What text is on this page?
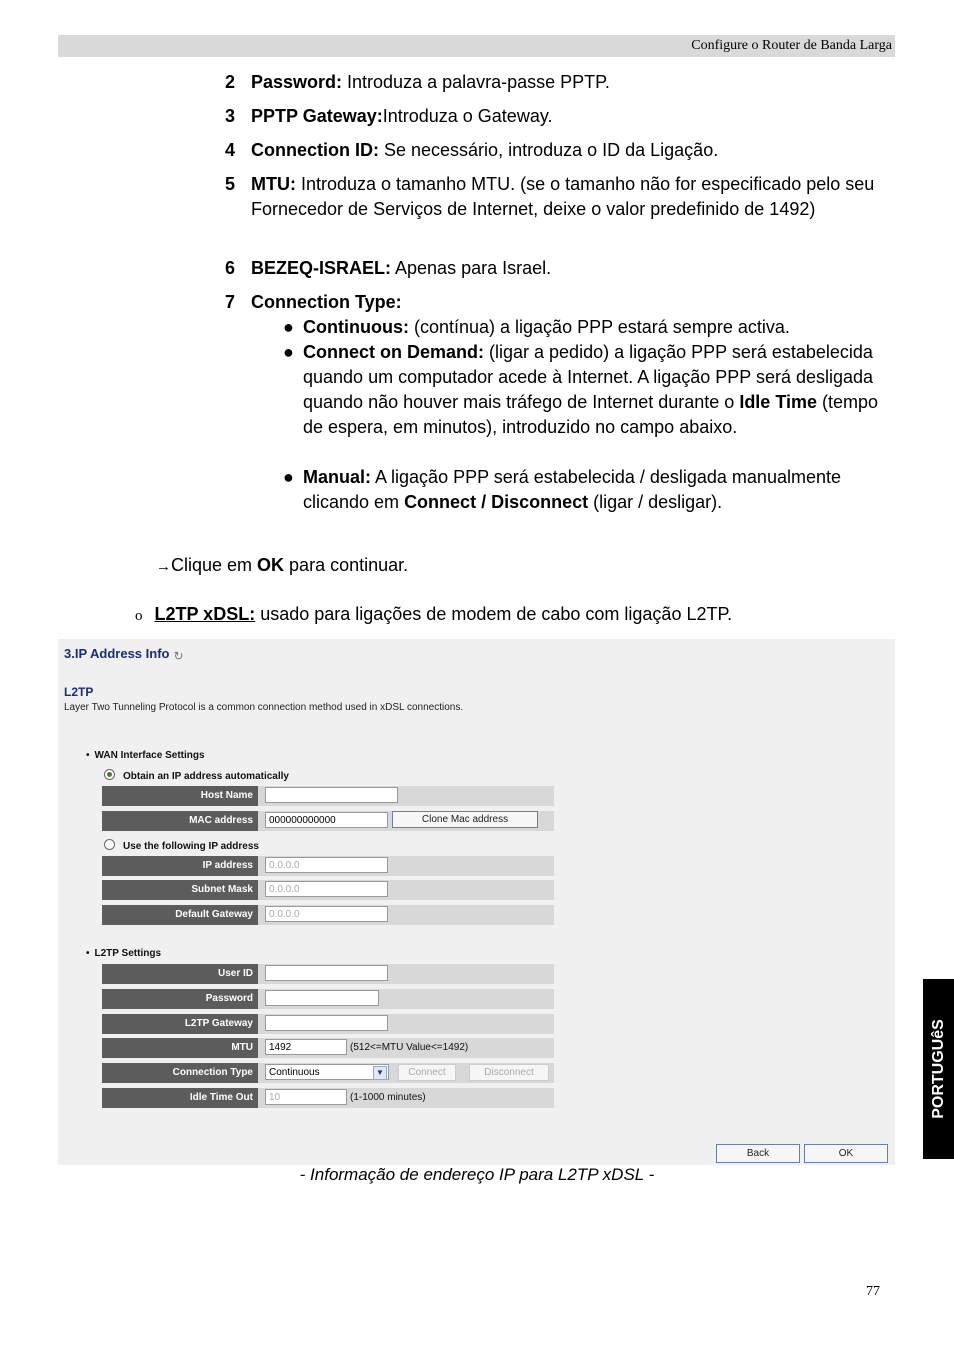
Configure o Router de Banda Larga
2 Password: Introduza a palavra-passe PPTP.
3 PPTP Gateway:Introduza o Gateway.
4 Connection ID: Se necessário, introduza o ID da Ligação.
5 MTU: Introduza o tamanho MTU. (se o tamanho não for especificado pelo seu Fornecedor de Serviços de Internet, deixe o valor predefinido de 1492)
6 BEZEQ-ISRAEL: Apenas para Israel.
7 Connection Type:
● Continuous: (contínua) a ligação PPP estará sempre activa.
● Connect on Demand: (ligar a pedido) a ligação PPP será estabelecida quando um computador acede à Internet. A ligação PPP será desligada quando não houver mais tráfego de Internet durante o Idle Time (tempo de espera, em minutos), introduzido no campo abaixo.
● Manual: A ligação PPP será estabelecida / desligada manualmente clicando em Connect / Disconnect (ligar / desligar).
→Clique em OK para continuar.
o L2TP xDSL: usado para ligações de modem de cabo com ligação L2TP.
3.IP Address Info ↻
L2TP
Layer Two Tunneling Protocol is a common connection method used in xDSL connections.
• WAN Interface Settings
Obtain an IP address automatically
Host Name
MAC address	000000000000	Clone Mac address
Use the following IP address
IP address	0.0.0.0
Subnet Mask	0.0.0.0
Default Gateway	0.0.0.0
• L2TP Settings
User ID
Password
L2TP Gateway
MTU	1492	(512<=MTU Value<=1492)
Connection Type	Continuous	▼	Connect	Disconnect
Idle Time Out	10	(1-1000 minutes)
Back	OK
- Informação de endereço IP para L2TP xDSL -
PORTUGUêS
77
